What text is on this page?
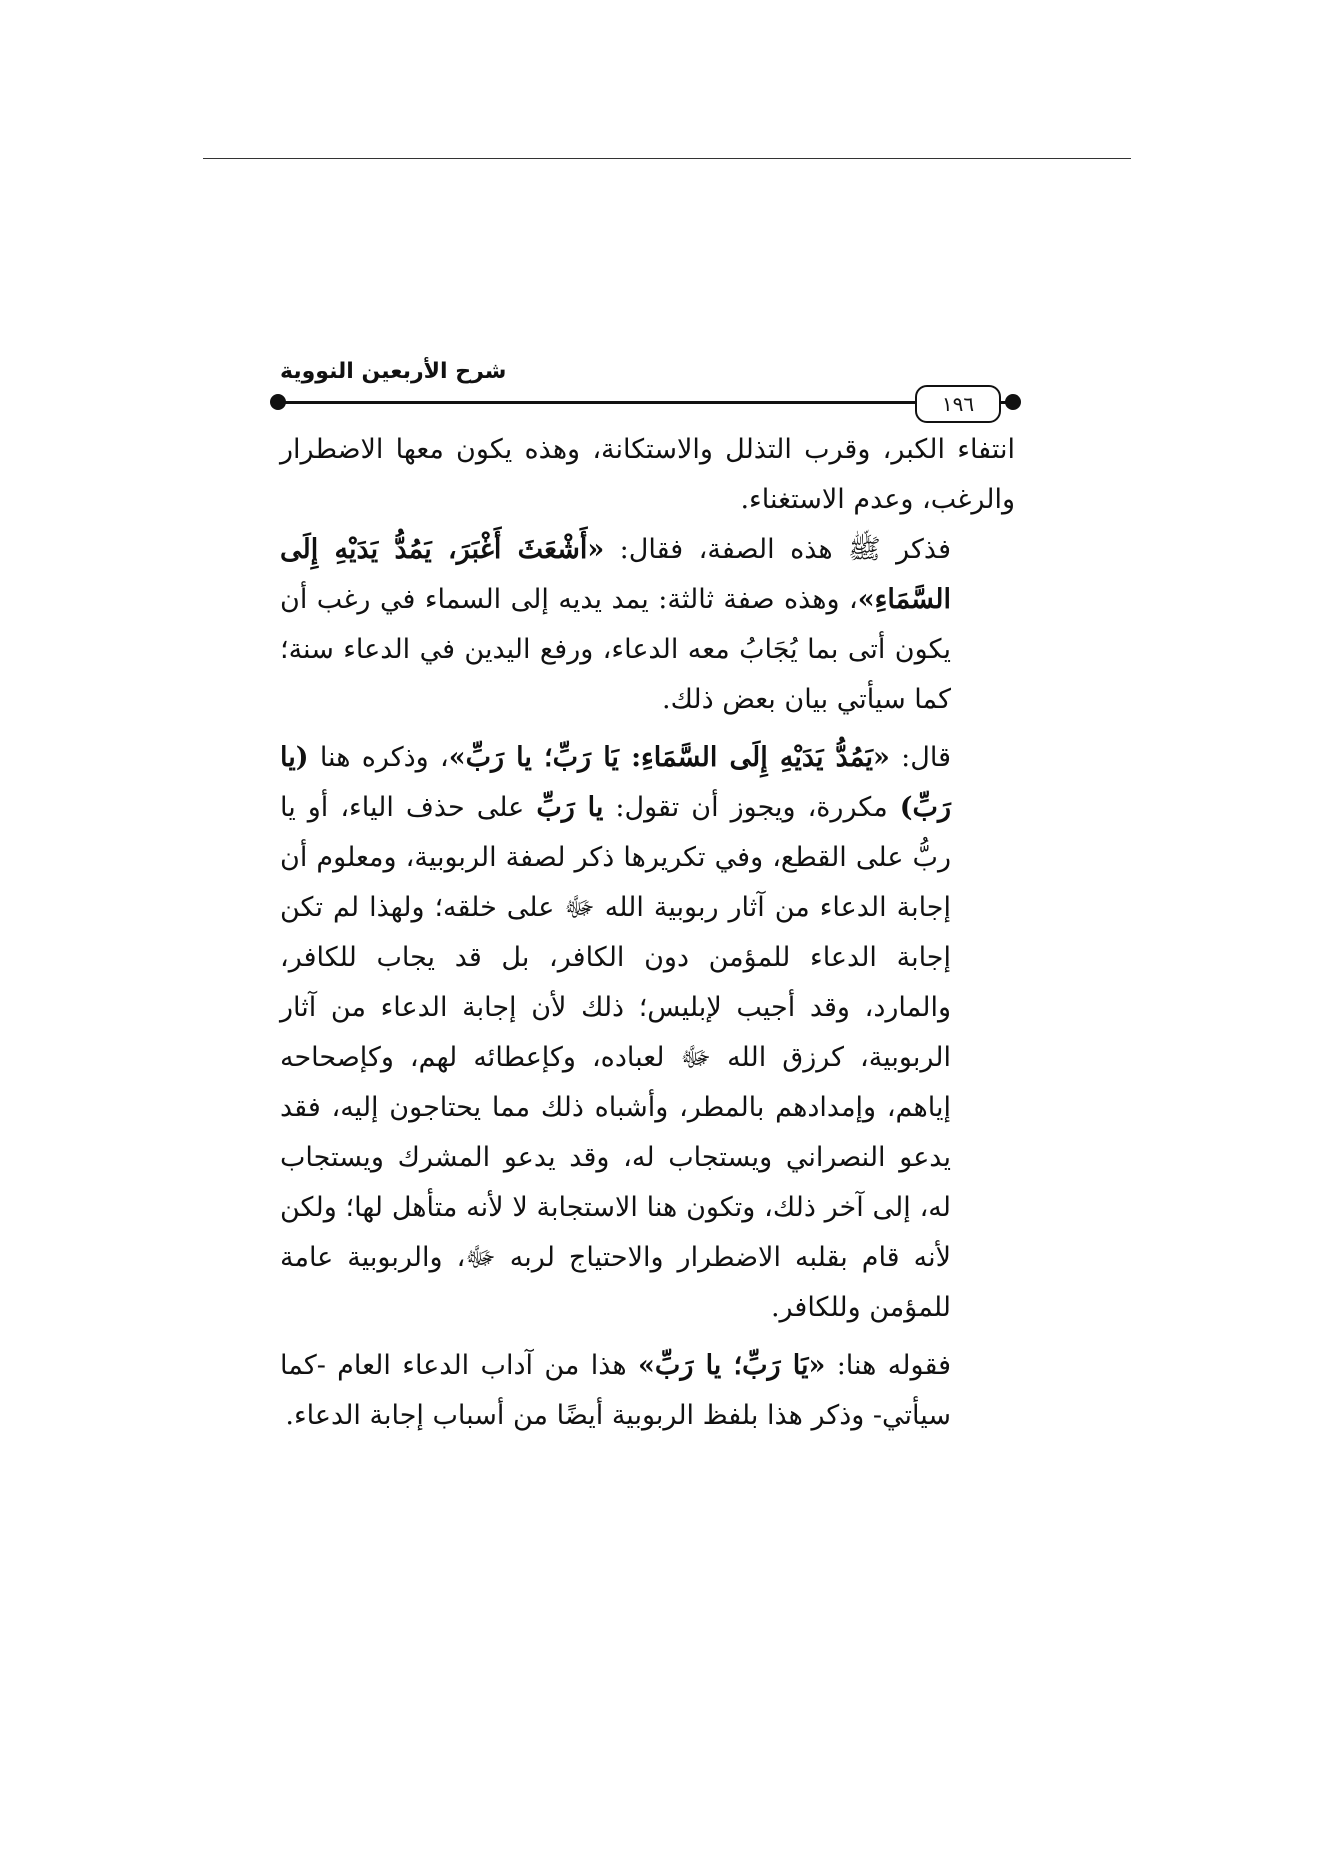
شرح الأربعين النووية
١٩٦

انتفاء الكبر، وقرب التذلل والاستكانة، وهذه يكون معها الاضطرار والرغب، وعدم الاستغناء.

فذكر ﷺ هذه الصفة، فقال: «أَشْعَثَ أَغْبَرَ، يَمُدُّ يَدَيْهِ إِلَى السَّمَاءِ»، وهذه صفة ثالثة: يمد يديه إلى السماء في رغب أن يكون أتى بما يُجَابُ معه الدعاء، ورفع اليدين في الدعاء سنة؛ كما سيأتي بيان بعض ذلك.

قال: «يَمُدُّ يَدَيْهِ إِلَى السَّمَاءِ: يَا رَبِّ؛ يا رَبِّ»، وذكره هنا (يا رَبِّ) مكررة، ويجوز أن تقول: يا رَبِّ على حذف الياء، أو يا ربُّ على القطع، وفي تكريرها ذكر لصفة الربوبية، ومعلوم أن إجابة الدعاء من آثار ربوبية الله ﷻ على خلقه؛ ولهذا لم تكن إجابة الدعاء للمؤمن دون الكافر، بل قد يجاب للكافر، والمارد، وقد أجيب لإبليس؛ ذلك لأن إجابة الدعاء من آثار الربوبية، كرزق الله ﷻ لعباده، وكإعطائه لهم، وكإصحاحه إياهم، وإمدادهم بالمطر، وأشباه ذلك مما يحتاجون إليه، فقد يدعو النصراني ويستجاب له، وقد يدعو المشرك ويستجاب له، إلى آخر ذلك، وتكون هنا الاستجابة لا لأنه متأهل لها؛ ولكن لأنه قام بقلبه الاضطرار والاحتياج لربه ﷻ، والربوبية عامة للمؤمن وللكافر.

فقوله هنا: «يَا رَبِّ؛ يا رَبِّ» هذا من آداب الدعاء العام -كما سيأتي- وذكر هذا بلفظ الربوبية أيضًا من أسباب إجابة الدعاء.
